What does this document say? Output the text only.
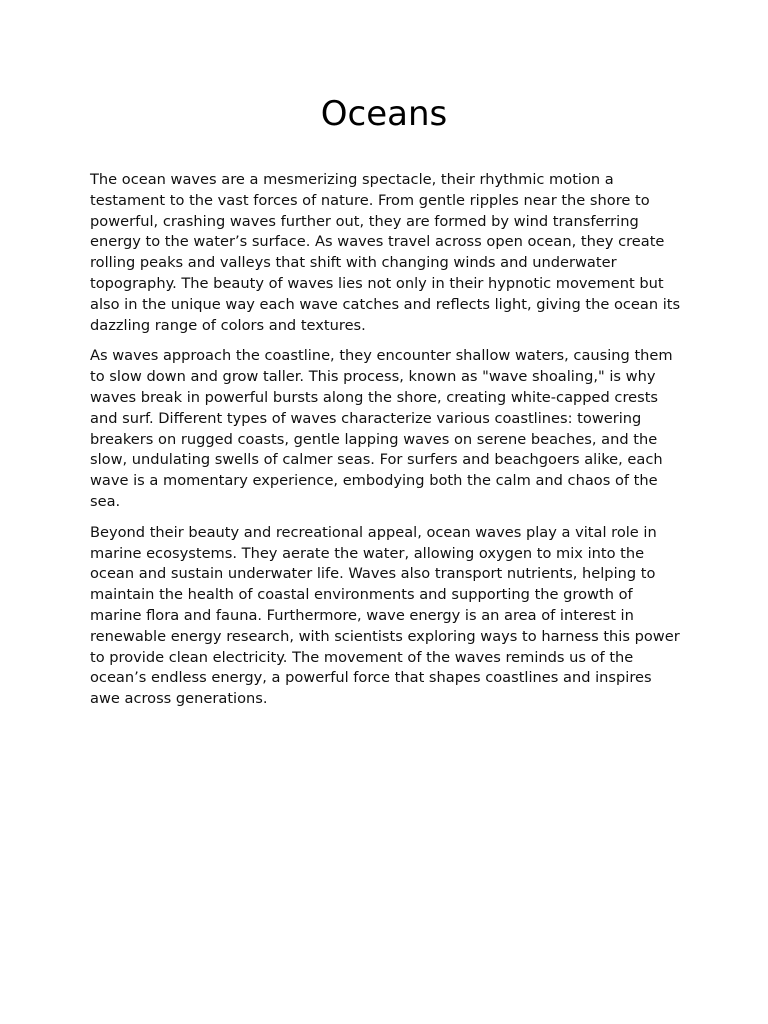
Oceans

The ocean waves are a mesmerizing spectacle, their rhythmic motion a testament to the vast forces of nature. From gentle ripples near the shore to powerful, crashing waves further out, they are formed by wind transferring energy to the water’s surface. As waves travel across open ocean, they create rolling peaks and valleys that shift with changing winds and underwater topography. The beauty of waves lies not only in their hypnotic movement but also in the unique way each wave catches and reflects light, giving the ocean its dazzling range of colors and textures.

As waves approach the coastline, they encounter shallow waters, causing them to slow down and grow taller. This process, known as "wave shoaling," is why waves break in powerful bursts along the shore, creating white-capped crests and surf. Different types of waves characterize various coastlines: towering breakers on rugged coasts, gentle lapping waves on serene beaches, and the slow, undulating swells of calmer seas. For surfers and beachgoers alike, each wave is a momentary experience, embodying both the calm and chaos of the sea.

Beyond their beauty and recreational appeal, ocean waves play a vital role in marine ecosystems. They aerate the water, allowing oxygen to mix into the ocean and sustain underwater life. Waves also transport nutrients, helping to maintain the health of coastal environments and supporting the growth of marine flora and fauna. Furthermore, wave energy is an area of interest in renewable energy research, with scientists exploring ways to harness this power to provide clean electricity. The movement of the waves reminds us of the ocean’s endless energy, a powerful force that shapes coastlines and inspires awe across generations.
